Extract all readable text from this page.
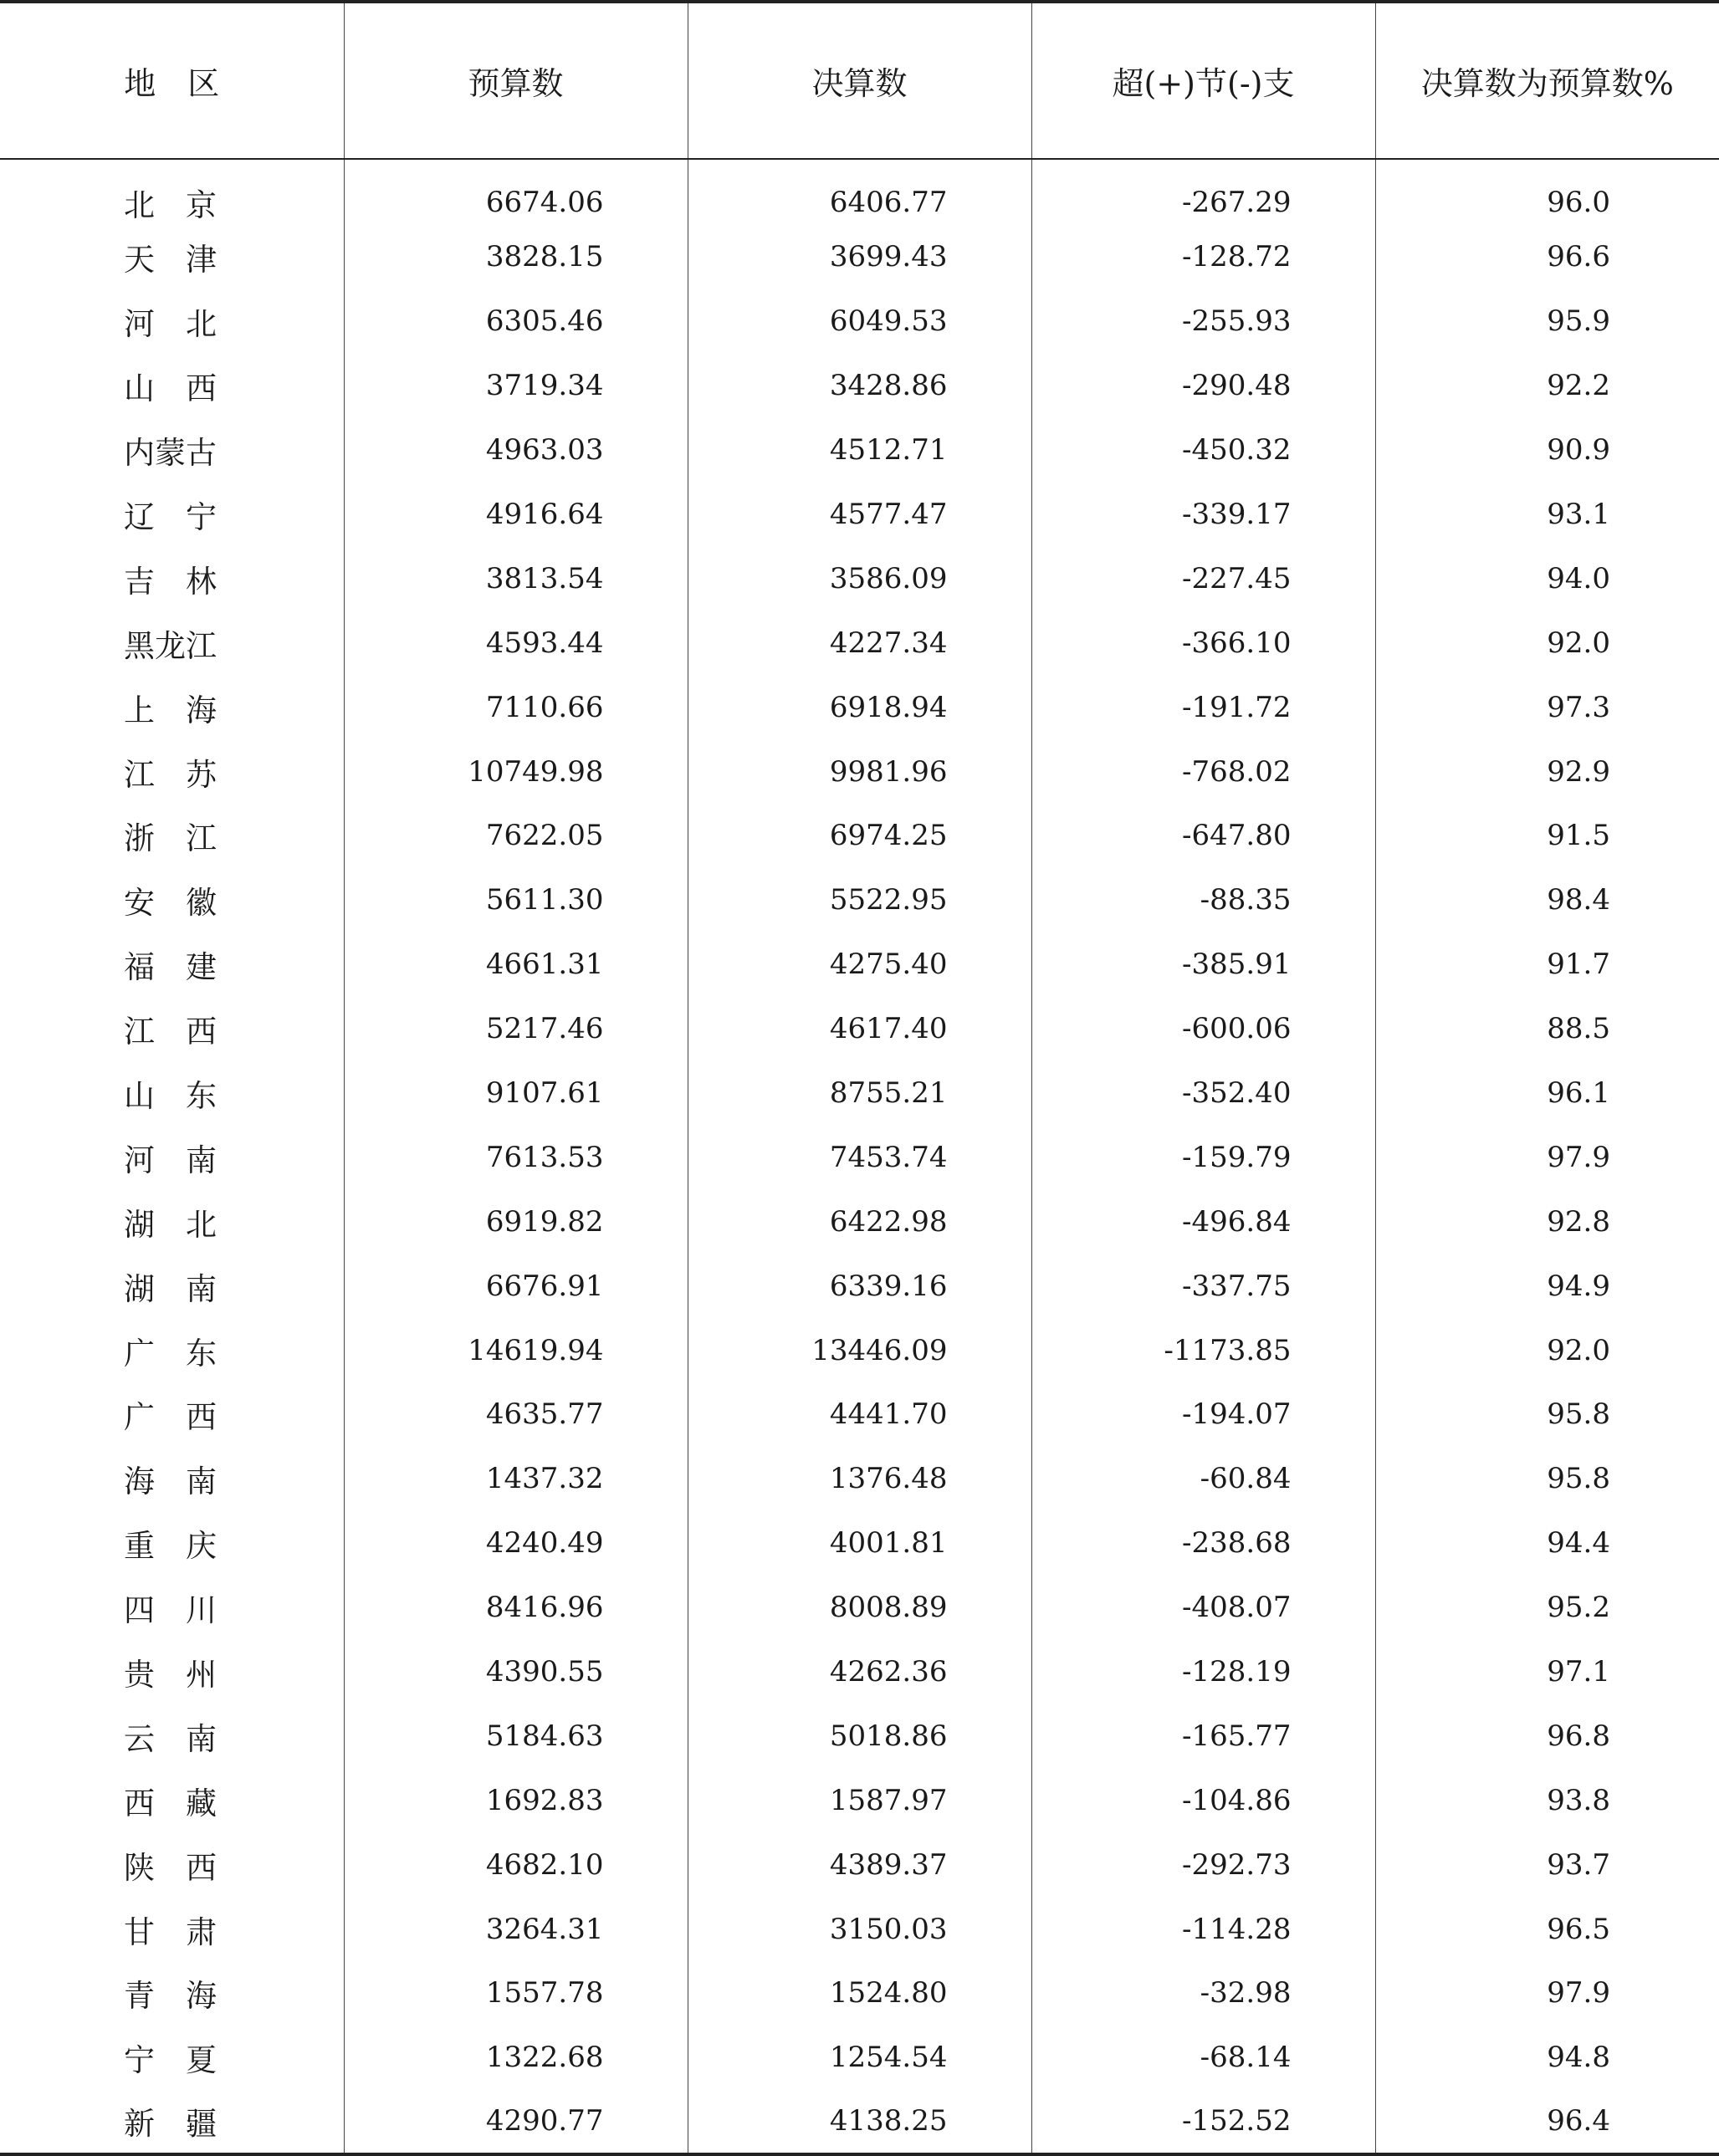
地　区	预算数	决算数	超(+)节(-)支	决算数为预算数%
北　京	6674.06	6406.77	-267.29	96.0
天　津	3828.15	3699.43	-128.72	96.6
河　北	6305.46	6049.53	-255.93	95.9
山　西	3719.34	3428.86	-290.48	92.2
内蒙古	4963.03	4512.71	-450.32	90.9
辽　宁	4916.64	4577.47	-339.17	93.1
吉　林	3813.54	3586.09	-227.45	94.0
黑龙江	4593.44	4227.34	-366.10	92.0
上　海	7110.66	6918.94	-191.72	97.3
江　苏	10749.98	9981.96	-768.02	92.9
浙　江	7622.05	6974.25	-647.80	91.5
安　徽	5611.30	5522.95	-88.35	98.4
福　建	4661.31	4275.40	-385.91	91.7
江　西	5217.46	4617.40	-600.06	88.5
山　东	9107.61	8755.21	-352.40	96.1
河　南	7613.53	7453.74	-159.79	97.9
湖　北	6919.82	6422.98	-496.84	92.8
湖　南	6676.91	6339.16	-337.75	94.9
广　东	14619.94	13446.09	-1173.85	92.0
广　西	4635.77	4441.70	-194.07	95.8
海　南	1437.32	1376.48	-60.84	95.8
重　庆	4240.49	4001.81	-238.68	94.4
四　川	8416.96	8008.89	-408.07	95.2
贵　州	4390.55	4262.36	-128.19	97.1
云　南	5184.63	5018.86	-165.77	96.8
西　藏	1692.83	1587.97	-104.86	93.8
陕　西	4682.10	4389.37	-292.73	93.7
甘　肃	3264.31	3150.03	-114.28	96.5
青　海	1557.78	1524.80	-32.98	97.9
宁　夏	1322.68	1254.54	-68.14	94.8
新　疆	4290.77	4138.25	-152.52	96.4
